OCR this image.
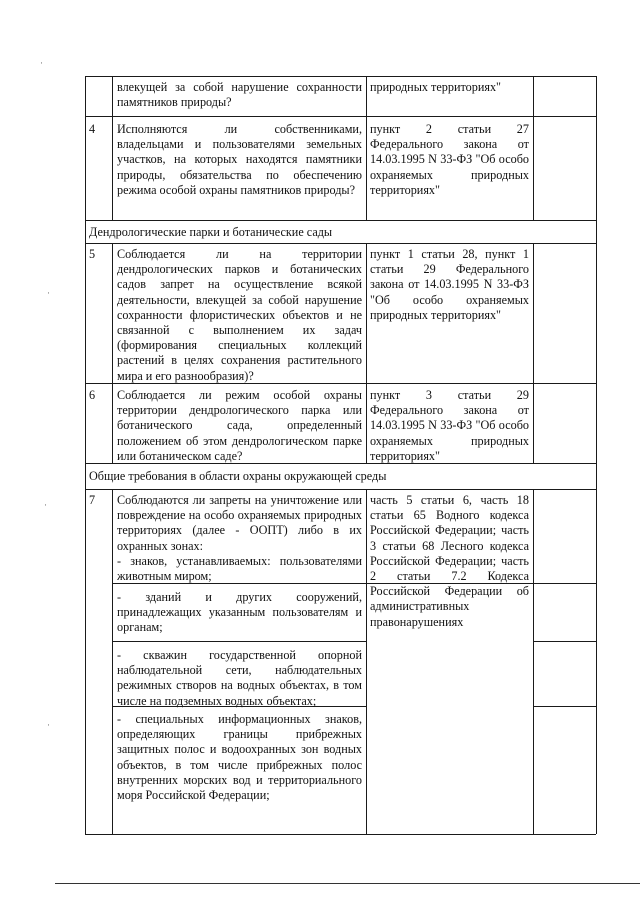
·
·
·
·
влекущей за собой нарушение сохранности памятников природы?
природных территориях"
4 Исполняются ли собственниками, владельцами и пользователями земельных участков, на которых находятся памятники природы, обязательства по обеспечению режима особой охраны памятников природы?
пункт 2 статьи 27 Федерального закона от 14.03.1995 N 33-ФЗ "Об особо охраняемых природных территориях"
Дендрологические парки и ботанические сады
5 Соблюдается ли на территории дендрологических парков и ботанических садов запрет на осуществление всякой деятельности, влекущей за собой нарушение сохранности флористических объектов и не связанной с выполнением их задач (формирования специальных коллекций растений в целях сохранения растительного мира и его разнообразия)?
пункт 1 статьи 28, пункт 1 статьи 29 Федерального закона от 14.03.1995 N 33-ФЗ "Об особо охраняемых природных территориях"
6 Соблюдается ли режим особой охраны территории дендрологического парка или ботанического сада, определенный положением об этом дендрологическом парке или ботаническом саде?
пункт 3 статьи 29 Федерального закона от 14.03.1995 N 33-ФЗ "Об особо охраняемых природных территориях"
Общие требования в области охраны окружающей среды
7 Соблюдаются ли запреты на уничтожение или повреждение на особо охраняемых природных территориях (далее - ООПТ) либо в их охранных зонах:
- знаков, устанавливаемых: пользователями животным миром;
часть 5 статьи 6, часть 18 статьи 65 Водного кодекса Российской Федерации; часть 3 статьи 68 Лесного кодекса Российской Федерации; часть 2 статьи 7.2 Кодекса Российской Федерации об административных правонарушениях
- зданий и других сооружений, принадлежащих указанным пользователям и органам;
- скважин государственной опорной наблюдательной сети, наблюдательных режимных створов на водных объектах, в том числе на подземных водных объектах;
- специальных информационных знаков, определяющих границы прибрежных защитных полос и водоохранных зон водных объектов, в том числе прибрежных полос внутренних морских вод и территориального моря Российской Федерации;
